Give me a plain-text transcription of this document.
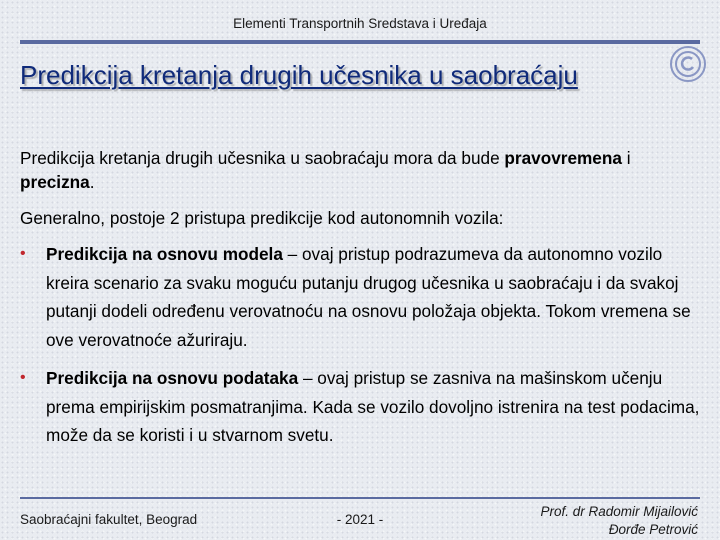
Elementi Transportnih Sredstava i Uređaja
Predikcija kretanja drugih učesnika u saobraćaju

Predikcija kretanja drugih učesnika u saobraćaju mora da bude pravovremena i precizna.

Generalno, postoje 2 pristupa predikcije kod autonomnih vozila:

• Predikcija na osnovu modela – ovaj pristup podrazumeva da autonomno vozilo kreira scenario za svaku moguću putanju drugog učesnika u saobraćaju i da svakoj putanji dodeli određenu verovatnoću na osnovu položaja objekta. Tokom vremena se ove verovatnoće ažuriraju.
• Predikcija na osnovu podataka – ovaj pristup se zasniva na mašinskom učenju prema empirijskim posmatranjima. Kada se vozilo dovoljno istrenira na test podacima, može da se koristi i u stvarnom svetu.
Saobraćajni fakultet, Beograd	- 2021 -
Prof. dr Radomir Mijailović
Đorđe Petrović
